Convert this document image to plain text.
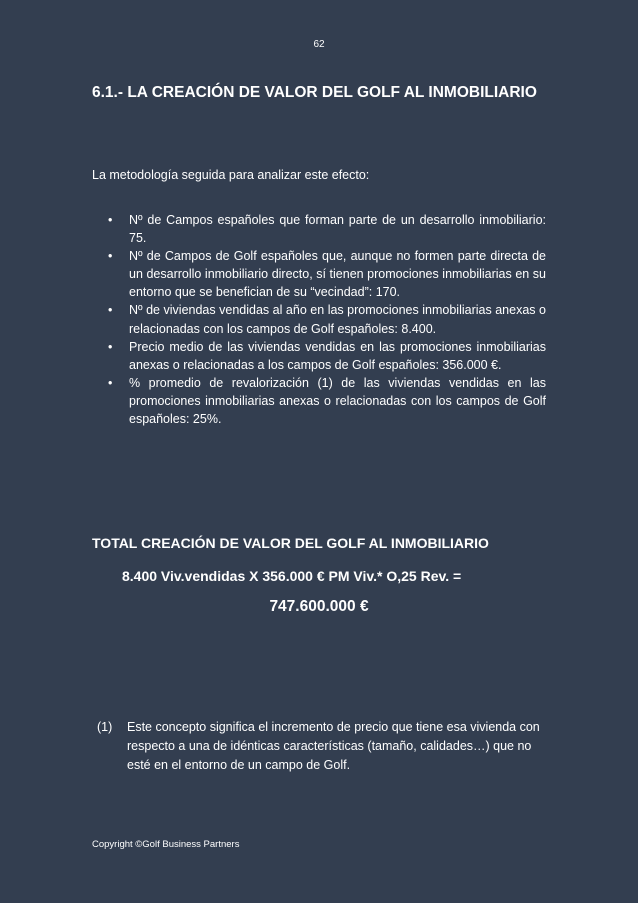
62
6.1.- LA CREACIÓN DE VALOR DEL GOLF AL INMOBILIARIO

La metodología seguida para analizar este efecto:

• Nº de Campos españoles que forman parte de un desarrollo inmobiliario: 75.
• Nº de Campos de Golf españoles que, aunque no formen parte directa de un desarrollo inmobiliario directo, sí tienen promociones inmobiliarias en su entorno que se benefician de su “vecindad”: 170.
• Nº de viviendas vendidas al año en las promociones inmobiliarias anexas o relacionadas con los campos de Golf españoles: 8.400.
• Precio medio de las viviendas vendidas en las promociones inmobiliarias anexas o relacionadas a los campos de Golf españoles: 356.000 €.
• % promedio de revalorización (1) de las viviendas vendidas en las promociones inmobiliarias anexas o relacionadas con los campos de Golf españoles: 25%.
TOTAL CREACIÓN DE VALOR DEL GOLF AL INMOBILIARIO

8.400 Viv.vendidas X 356.000 € PM Viv.* O,25 Rev. =

747.600.000 €

(1)	Este concepto significa el incremento de precio que tiene esa vivienda con respecto a una de idénticas características (tamaño, calidades…) que no esté en el entorno de un campo de Golf.

Copyright ©Golf Business Partners
